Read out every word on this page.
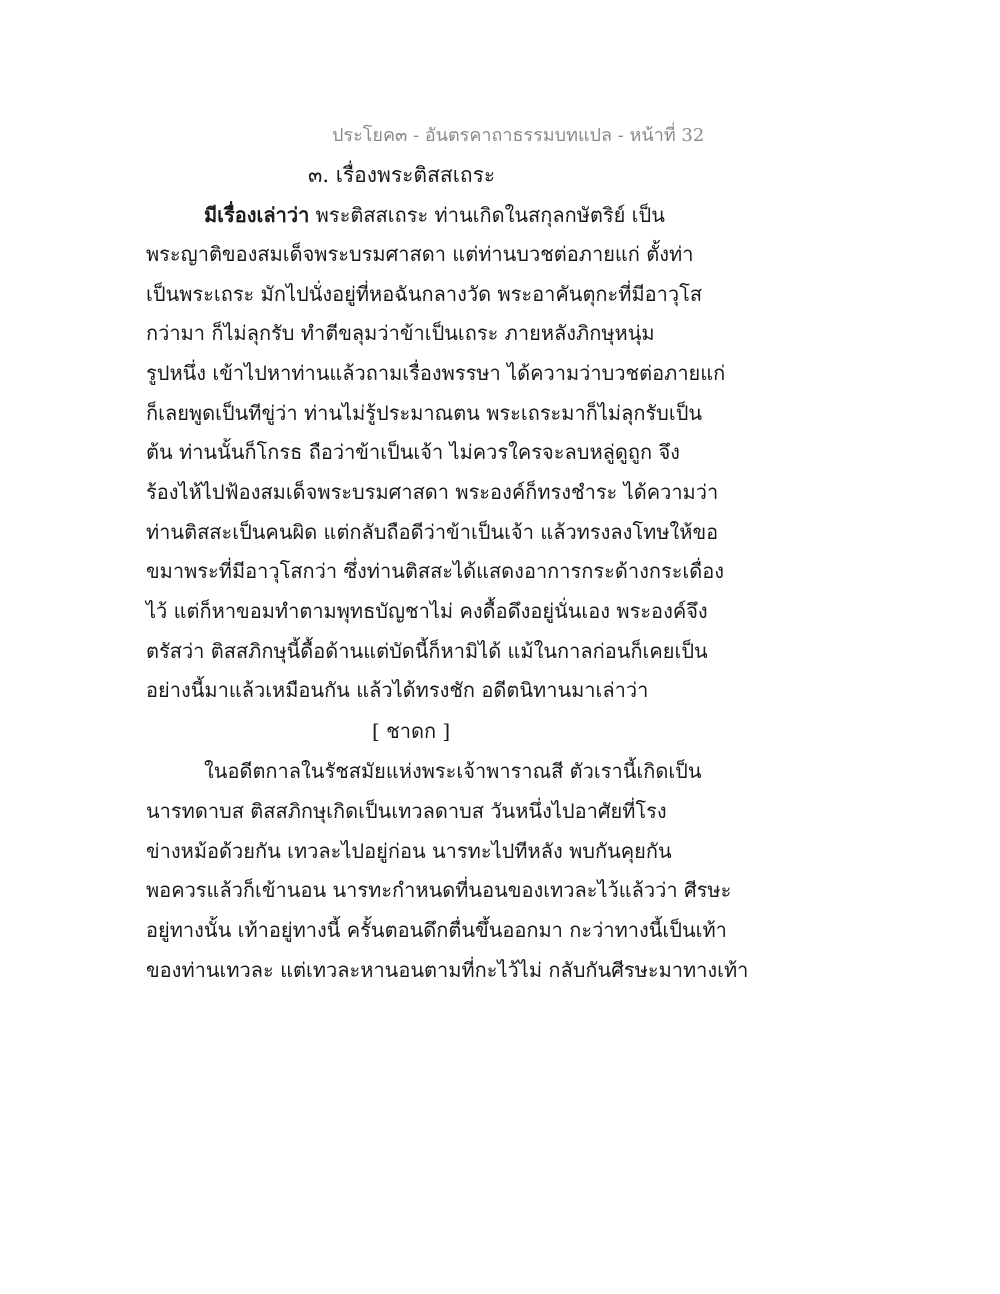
ประโยค๓ - อันตรคาถาธรรมบทแปล - หน้าที่ 32
๓. เรื่องพระติสสเถระ
มีเรื่องเล่าว่า พระติสสเถระ ท่านเกิดในสกุลกษัตริย์ เป็น
พระญาติของสมเด็จพระบรมศาสดา แต่ท่านบวชต่อภายแก่ ตั้งท่า
เป็นพระเถระ มักไปนั่งอยู่ที่หอฉันกลางวัด พระอาคันตุกะที่มีอาวุโส
กว่ามา ก็ไม่ลุกรับ ทำตีขลุมว่าข้าเป็นเถระ ภายหลังภิกษุหนุ่ม
รูปหนึ่ง เข้าไปหาท่านแล้วถามเรื่องพรรษา ได้ความว่าบวชต่อภายแก่
ก็เลยพูดเป็นทีขู่ว่า ท่านไม่รู้ประมาณตน พระเถระมาก็ไม่ลุกรับเป็น
ต้น ท่านนั้นก็โกรธ ถือว่าข้าเป็นเจ้า ไม่ควรใครจะลบหลู่ดูถูก จึง
ร้องไห้ไปฟ้องสมเด็จพระบรมศาสดา พระองค์ก็ทรงชำระ ได้ความว่า
ท่านติสสะเป็นคนผิด แต่กลับถือดีว่าข้าเป็นเจ้า แล้วทรงลงโทษให้ขอ
ขมาพระที่มีอาวุโสกว่า ซึ่งท่านติสสะได้แสดงอาการกระด้างกระเดื่อง
ไว้ แต่ก็หาขอมทำตามพุทธบัญชาไม่ คงดื้อดึงอยู่นั่นเอง พระองค์จึง
ตรัสว่า ติสสภิกษุนี้ดื้อด้านแต่บัดนี้ก็หามิได้ แม้ในกาลก่อนก็เคยเป็น
อย่างนี้มาแล้วเหมือนกัน แล้วได้ทรงชัก อดีตนิทานมาเล่าว่า
[ ชาดก ]
ในอดีตกาลในรัชสมัยแห่งพระเจ้าพาราณสี ตัวเรานี้เกิดเป็น
นารทดาบส ติสสภิกษุเกิดเป็นเทวลดาบส วันหนึ่งไปอาศัยที่โรง
ข่างหม้อด้วยกัน เทวละไปอยู่ก่อน นารทะไปทีหลัง พบกันคุยกัน
พอควรแล้วก็เข้านอน นารทะกำหนดที่นอนของเทวละไว้แล้วว่า ศีรษะ
อยู่ทางนั้น เท้าอยู่ทางนี้ ครั้นตอนดึกตื่นขึ้นออกมา กะว่าทางนี้เป็นเท้า
ของท่านเทวละ แต่เทวละหานอนตามที่กะไว้ไม่ กลับกันศีรษะมาทางเท้า
